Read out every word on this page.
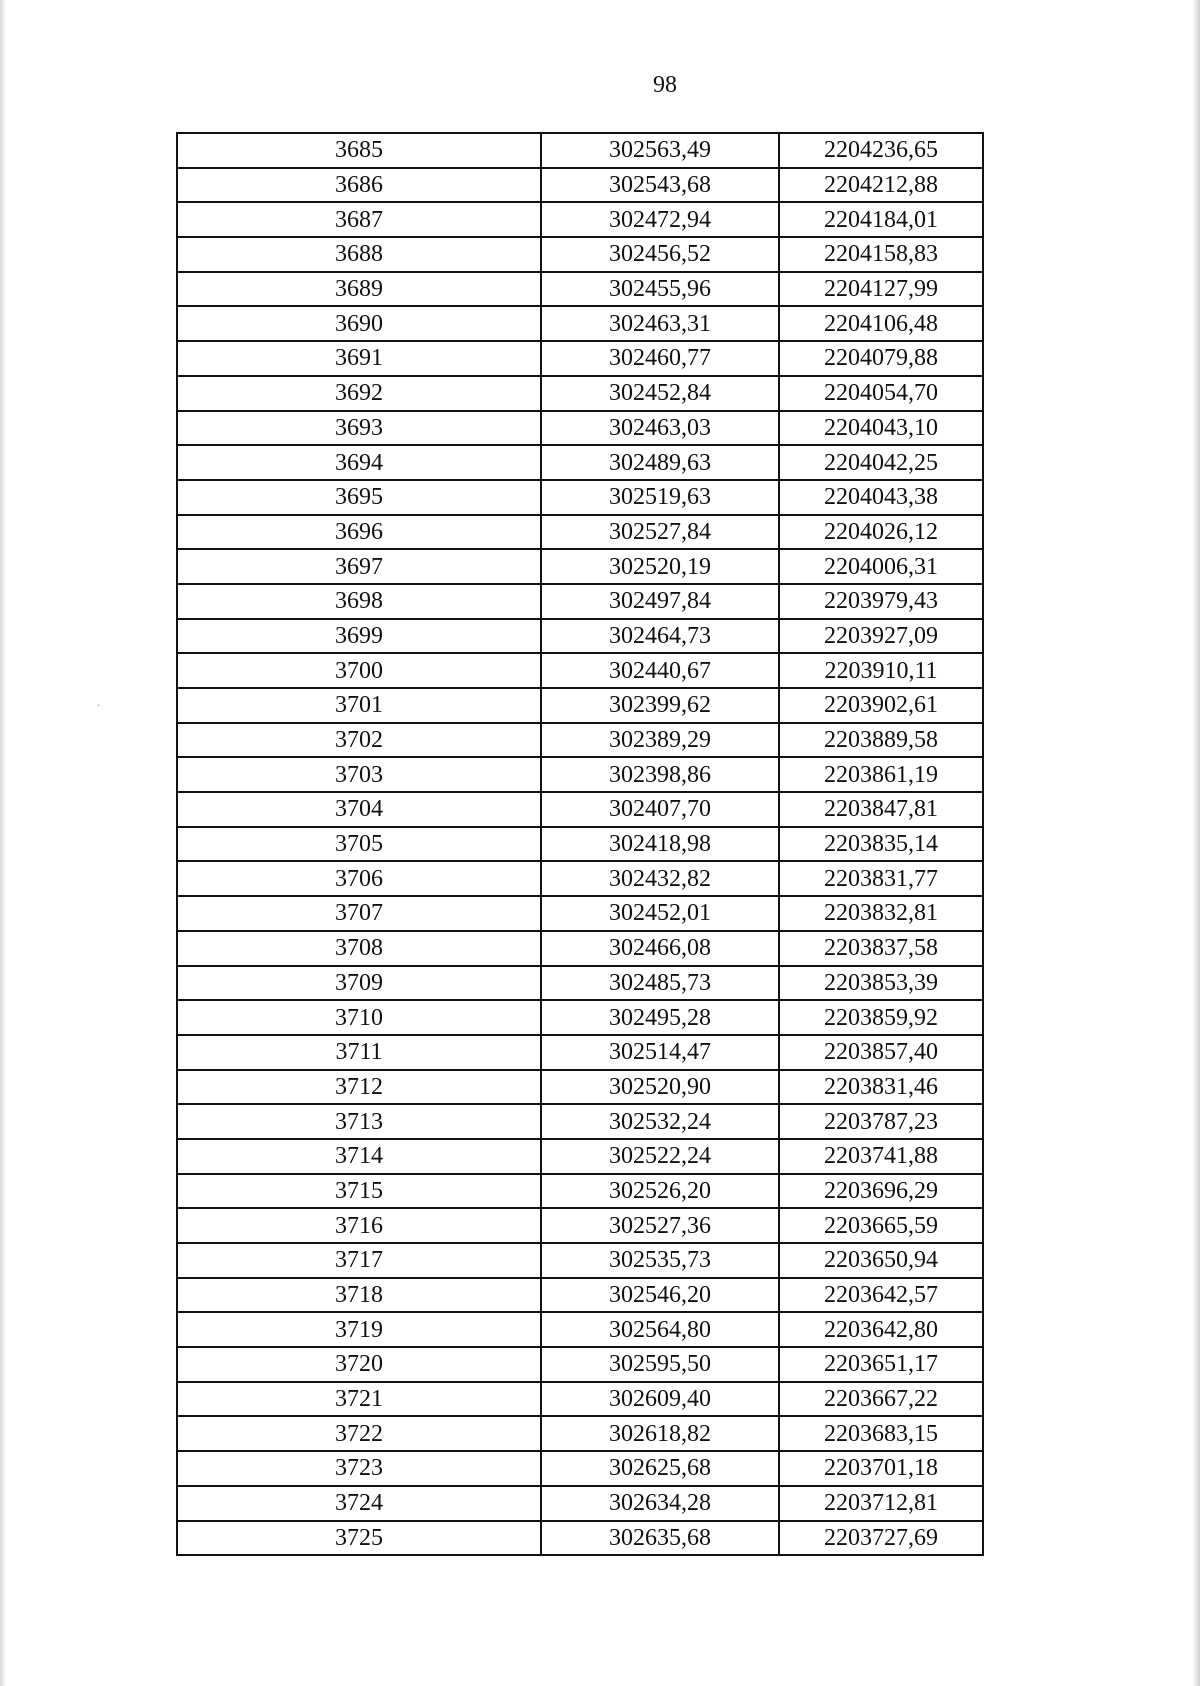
·
98
3685	302563,49	2204236,65
3686	302543,68	2204212,88
3687	302472,94	2204184,01
3688	302456,52	2204158,83
3689	302455,96	2204127,99
3690	302463,31	2204106,48
3691	302460,77	2204079,88
3692	302452,84	2204054,70
3693	302463,03	2204043,10
3694	302489,63	2204042,25
3695	302519,63	2204043,38
3696	302527,84	2204026,12
3697	302520,19	2204006,31
3698	302497,84	2203979,43
3699	302464,73	2203927,09
3700	302440,67	2203910,11
3701	302399,62	2203902,61
3702	302389,29	2203889,58
3703	302398,86	2203861,19
3704	302407,70	2203847,81
3705	302418,98	2203835,14
3706	302432,82	2203831,77
3707	302452,01	2203832,81
3708	302466,08	2203837,58
3709	302485,73	2203853,39
3710	302495,28	2203859,92
3711	302514,47	2203857,40
3712	302520,90	2203831,46
3713	302532,24	2203787,23
3714	302522,24	2203741,88
3715	302526,20	2203696,29
3716	302527,36	2203665,59
3717	302535,73	2203650,94
3718	302546,20	2203642,57
3719	302564,80	2203642,80
3720	302595,50	2203651,17
3721	302609,40	2203667,22
3722	302618,82	2203683,15
3723	302625,68	2203701,18
3724	302634,28	2203712,81
3725	302635,68	2203727,69
